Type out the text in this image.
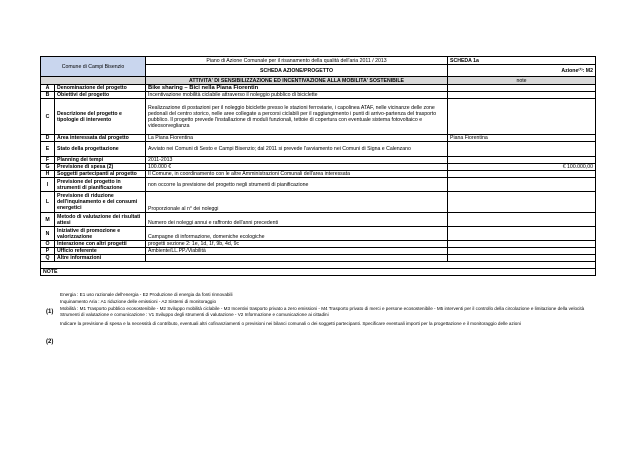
Comune di Campi Bisenzio		Piano di Azione Comunale per il risanamento della qualità dell'aria 2011 / 2013	SCHEDA 1a
		SCHEDA AZIONE/PROGETTO	Azione⁽¹⁾: M2
		ATTIVITA' DI SENSIBILIZZAZIONE ED INCENTIVAZIONE ALLA MOBILITA' SOSTENIBILE	note
A	Denominazione del progetto	Bike sharing – Bici nella Piana Fiorentin	
B	Obiettivi del progetto	Incentivazione mobilità ciclabile attraverso il noleggio pubblico di biciclette	
C	Descrizione del progetto e tipologie di intervento	Realizzazione di postazioni per il noleggio biciclette presso le stazioni ferroviarie, i capolinea ATAF, nelle vicinanze delle zone pedonali del centro storico, nelle aree collegate a percorsi ciclabili per il raggiungimento i punti di arrivo-partenza del trasporto pubblico. Il progetto prevede l'installazione di moduli funzionali, tettoie di copertura con eventuale sistema fotovoltaico e videosorveglianza	
D	Area interessata dal progetto	La Piana Fiorentina	Piana Fiorentina
E	Stato della progettazione	Avviato nei Comuni di Sesto e Campi Bisenzio; dal 2011 si prevede l'avviamento nei Comuni di Signa e Calenzano	
F	Planning dei tempi	2011-2013	
G	Previsione di spesa (2)	100.000 €	€ 100.000,00
H	Soggetti partecipanti al progetto	Il Comune, in coordinamento con le altre Amministrazioni Comunali dell'area interessata	
I	Previsione del progetto in strumenti di pianificazione	non occorre la previsione del progetto negli strumenti di pianificazione	
L	Previsione di riduzione dell'inquinamento e dei consumi energetici	Proporzionale al n° dei noleggi	
M	Metodo di valutazione dei risultati attesi	Numero dei noleggi annui e raffronto dell'anni precedenti	
N	Iniziative di promozione e valorizzazione	Campagne di informazione, domeniche ecologiche	
O	Interazione con altri progetti	progetti sezione 2: 1e, 1d, 1f, 9b, 4d, 9c	
P	Ufficio referente	Ambiente/LL.PP./Viabilità	
Q	Altre informazioni		

NOTE			
Energia : E1 uso razionale dell'energia - E2 Produzione di energia da fonti rinnovabili
Inquinamento Aria : A1 riduzione delle emissioni - A2 Sistemi di monitoraggio
Mobilità : M1 Trasporto pubblico ecosostenibile - M2 Sviluppo mobilità ciclabile - M3 Incentivi trasporto privato a zero emissioni - M4 Trasporto privato di merci e persone ecosostenibile - M5 interventi per il controllo della circolazione e limitazione della velocità
Strumenti di valutazione e comunicazione : V1 Sviluppo degli strumenti di valutazione - V2 Informazione e comunicazione ai cittadini
Indicare la previsione di spesa e la necessità di contributo, eventuali altri cofinanziamenti o previsioni nei bilanci comunali o dei soggetti partecipanti. Specificare eventuali importi per la progettazione e il monitoraggio delle azioni
(1)
(2)
